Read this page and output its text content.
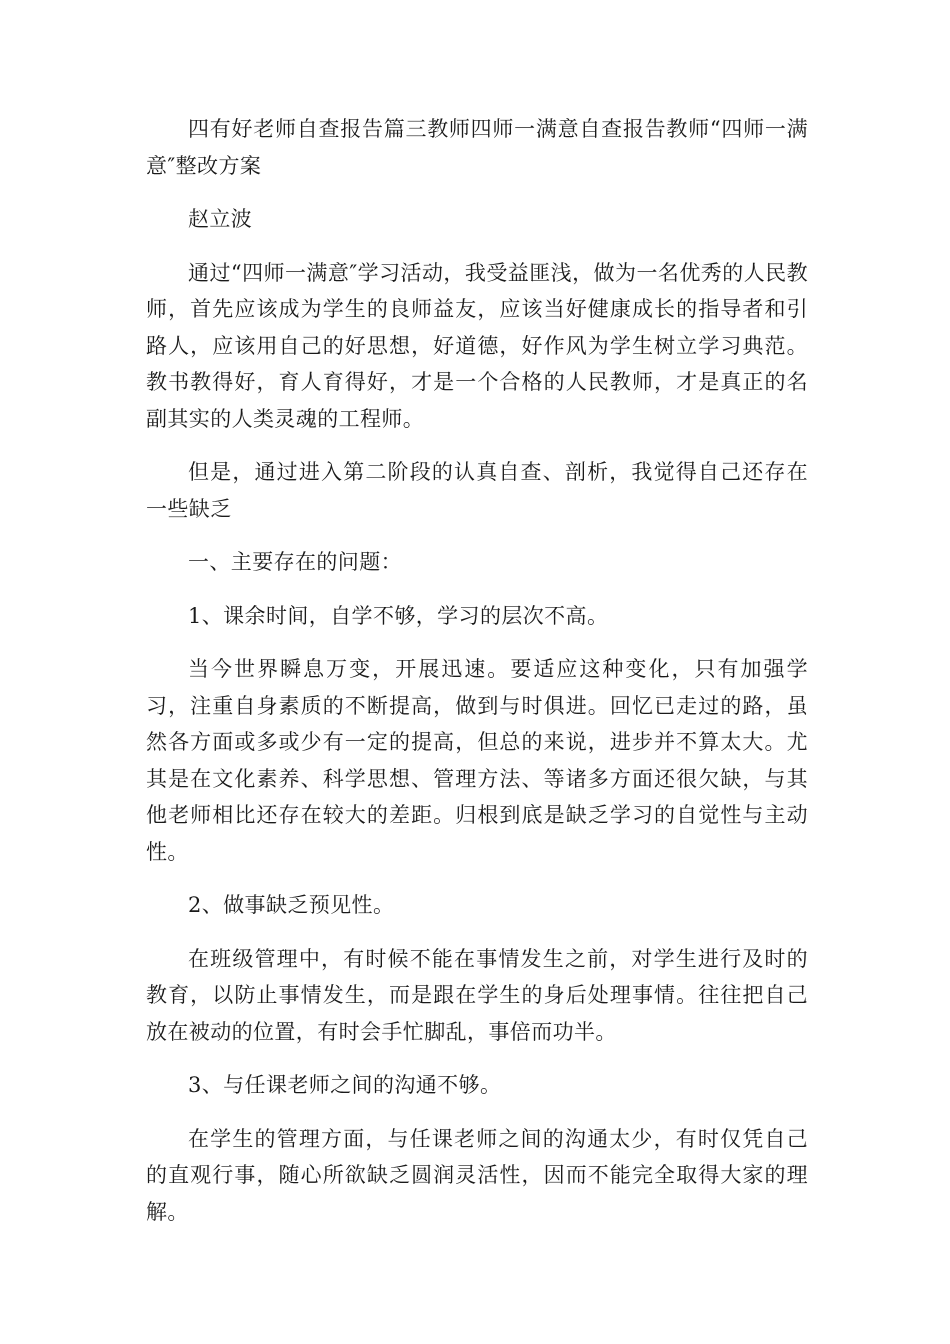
四有好老师自查报告篇三教师四师一满意自查报告教师“四师一满意″整改方案

赵立波

通过“四师一满意″学习活动，我受益匪浅，做为一名优秀的人民教师，首先应该成为学生的良师益友，应该当好健康成长的指导者和引路人，应该用自己的好思想，好道德，好作风为学生树立学习典范。教书教得好，育人育得好，才是一个合格的人民教师，才是真正的名副其实的人类灵魂的工程师。

但是，通过进入第二阶段的认真自查、剖析，我觉得自己还存在一些缺乏

一、主要存在的问题：

1、课余时间，自学不够，学习的层次不高。

当今世界瞬息万变，开展迅速。要适应这种变化，只有加强学习，注重自身素质的不断提高，做到与时俱进。回忆已走过的路，虽然各方面或多或少有一定的提高，但总的来说，进步并不算太大。尤其是在文化素养、科学思想、管理方法、等诸多方面还很欠缺，与其他老师相比还存在较大的差距。归根到底是缺乏学习的自觉性与主动性。

2、做事缺乏预见性。

在班级管理中，有时候不能在事情发生之前，对学生进行及时的教育，以防止事情发生，而是跟在学生的身后处理事情。往往把自己放在被动的位置，有时会手忙脚乱，事倍而功半。

3、与任课老师之间的沟通不够。

在学生的管理方面，与任课老师之间的沟通太少，有时仅凭自己的直观行事，随心所欲缺乏圆润灵活性，因而不能完全取得大家的理解。
